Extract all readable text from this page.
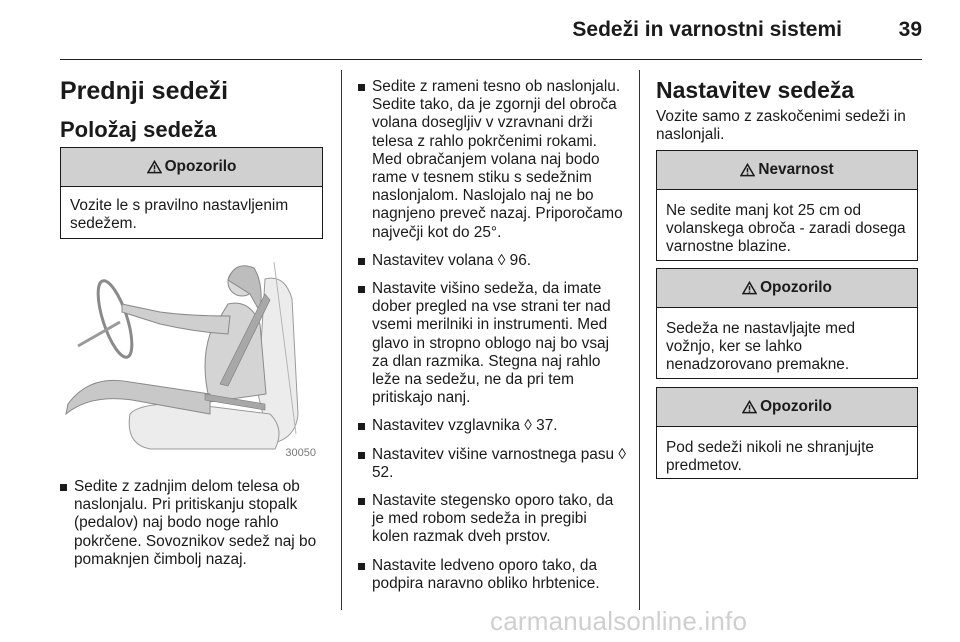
Sedeži in varnostni sistemi	39
Prednji sedeži
Položaj sedeža
Opozorilo
Vozite le s pravilno nastavljenim sedežem.
30050
Sedite z zadnjim delom telesa ob naslonjalu. Pri pritiskanju stopalk (pedalov) naj bodo noge rahlo pokrčene. Sovoznikov sedež naj bo pomaknjen čimbolj nazaj.
Sedite z rameni tesno ob naslonjalu. Sedite tako, da je zgornji del obroča volana dosegljiv v vzravnani drži telesa z rahlo pokrčenimi rokami. Med obračanjem volana naj bodo rame v tesnem stiku s sedežnim naslonjalom. Naslojalo naj ne bo nagnjeno preveč nazaj. Priporočamo največji kot do 25°.
Nastavitev volana ◊ 96.
Nastavite višino sedeža, da imate dober pregled na vse strani ter nad vsemi merilniki in instrumenti. Med glavo in stropno oblogo naj bo vsaj za dlan razmika. Stegna naj rahlo leže na sedežu, ne da pri tem pritiskajo nanj.
Nastavitev vzglavnika ◊ 37.
Nastavitev višine varnostnega pasu ◊ 52.
Nastavite stegensko oporo tako, da je med robom sedeža in pregibi kolen razmak dveh prstov.
Nastavite ledveno oporo tako, da podpira naravno obliko hrbtenice.
Nastavitev sedeža
Vozite samo z zaskočenimi sedeži in naslonjali.
Nevarnost
Ne sedite manj kot 25 cm od volanskega obroča - zaradi dosega varnostne blazine.
Opozorilo
Sedeža ne nastavljajte med vožnjo, ker se lahko nenadzorovano premakne.
Opozorilo
Pod sedeži nikoli ne shranjujte predmetov.
carmanualsonline.info
